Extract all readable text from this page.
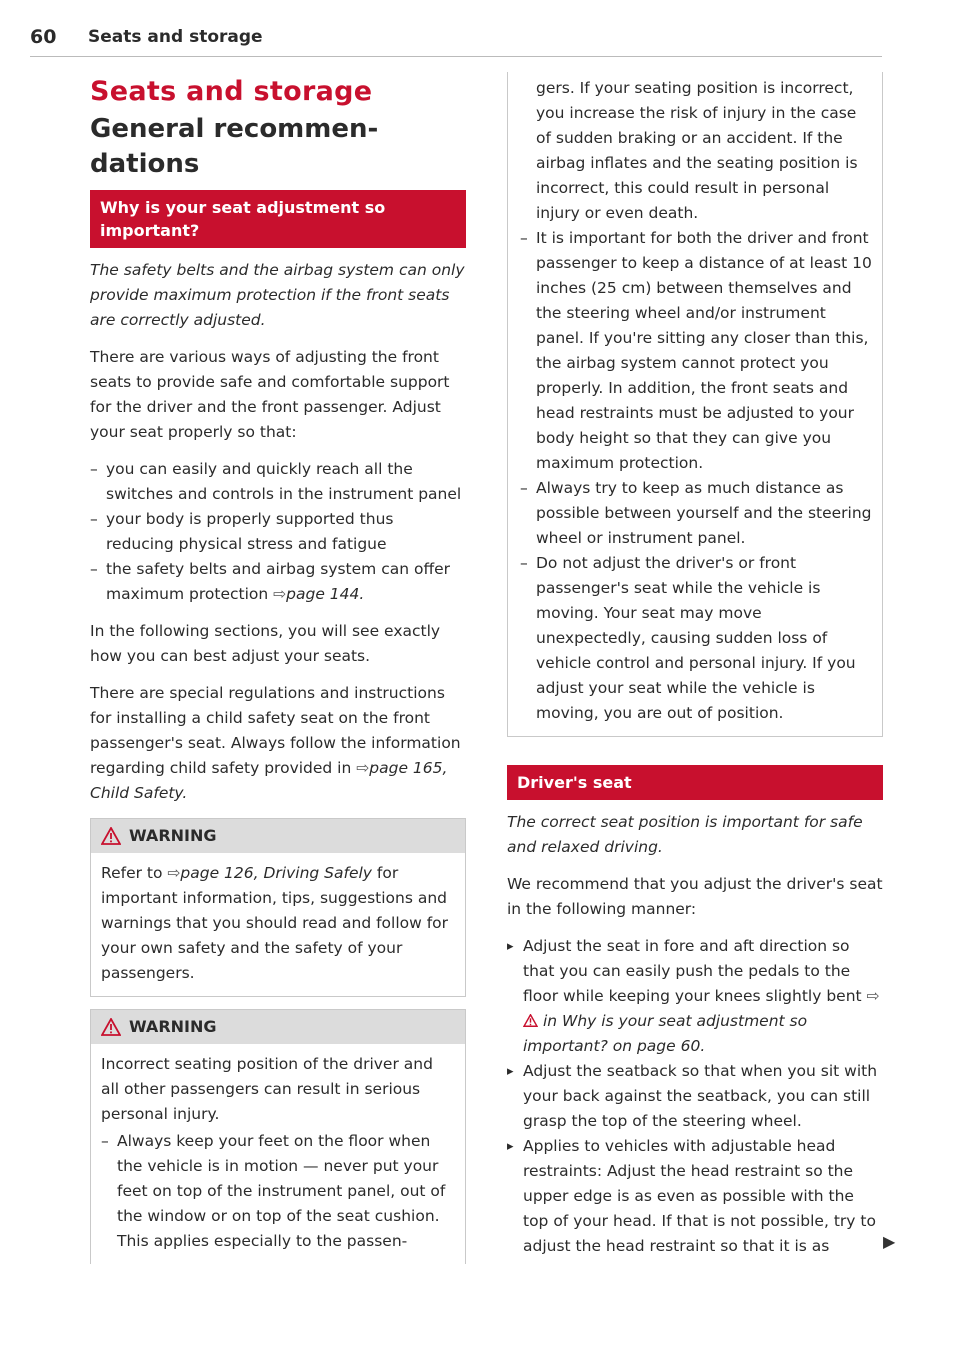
60 Seats and storage
Seats and storage
General recommen-dations
Why is your seat adjustment so important?

The safety belts and the airbag system can only provide maximum protection if the front seats are correctly adjusted.

There are various ways of adjusting the front seats to provide safe and comfortable support for the driver and the front passenger. Adjust your seat properly so that:

– you can easily and quickly reach all the switches and controls in the instrument panel
– your body is properly supported thus reducing physical stress and fatigue
– the safety belts and airbag system can offer maximum protection ⇨page 144.

In the following sections, you will see exactly how you can best adjust your seats.

There are special regulations and instructions for installing a child safety seat on the front passenger's seat. Always follow the information regarding child safety provided in ⇨page 165, Child Safety.

WARNING
Refer to ⇨page 126, Driving Safely for important information, tips, suggestions and warnings that you should read and follow for your own safety and the safety of your passengers.
WARNING

Incorrect seating position of the driver and all other passengers can result in serious personal injury.

– Always keep your feet on the floor when the vehicle is in motion — never put your feet on top of the instrument panel, out of the window or on top of the seat cushion. This applies especially to the passen-

gers. If your seating position is incorrect, you increase the risk of injury in the case of sudden braking or an accident. If the airbag inflates and the seating position is incorrect, this could result in personal injury or even death.

– It is important for both the driver and front passenger to keep a distance of at least 10 inches (25 cm) between themselves and the steering wheel and/or instrument panel. If you're sitting any closer than this, the airbag system cannot protect you properly. In addition, the front seats and head restraints must be adjusted to your body height so that they can give you maximum protection.
– Always try to keep as much distance as possible between yourself and the steering wheel or instrument panel.
– Do not adjust the driver's or front passenger's seat while the vehicle is moving. Your seat may move unexpectedly, causing sudden loss of vehicle control and personal injury. If you adjust your seat while the vehicle is moving, you are out of position.
Driver's seat

The correct seat position is important for safe and relaxed driving.

We recommend that you adjust the driver's seat in the following manner:

▸ Adjust the seat in fore and aft direction so that you can easily push the pedals to the floor while keeping your knees slightly bent ⇨  in Why is your seat adjustment so important? on page 60.
▸ Adjust the seatback so that when you sit with your back against the seatback, you can still grasp the top of the steering wheel.
▸ Applies to vehicles with adjustable head restraints: Adjust the head restraint so the upper edge is as even as possible with the top of your head. If that is not possible, try to adjust the head restraint so that it is as	▶
